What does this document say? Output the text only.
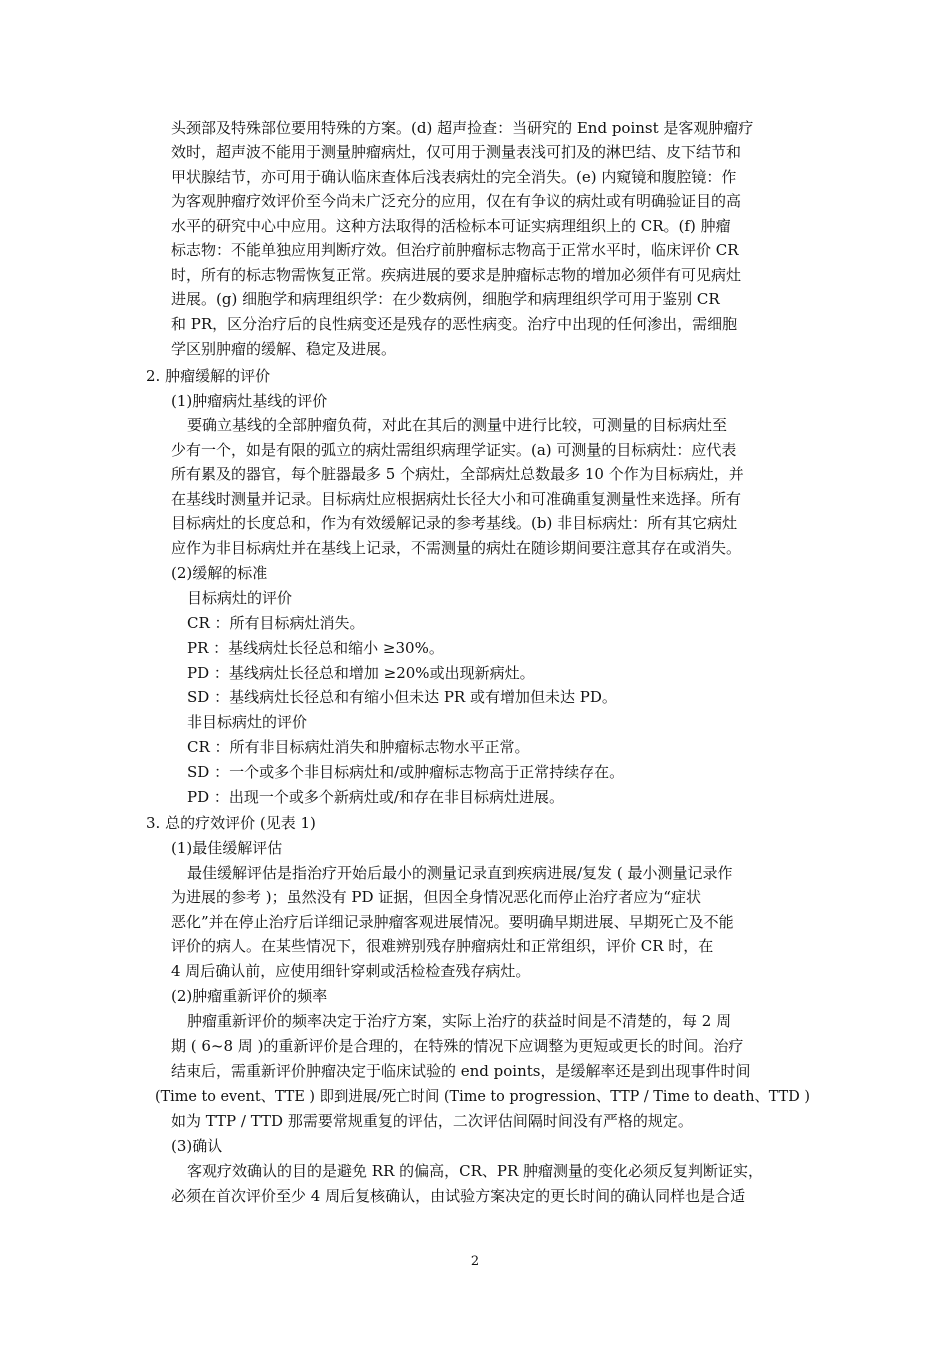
头颈部及特殊部位要用特殊的方案。(d) 超声捡查：当研究的 End poinst 是客观肿瘤疗
效时，超声波不能用于测量肿瘤病灶，仅可用于测量表浅可扪及的淋巴结、皮下结节和
甲状腺结节，亦可用于确认临床查体后浅表病灶的完全消失。(e) 内窥镜和腹腔镜：作
为客观肿瘤疗效评价至今尚未广泛充分的应用，仅在有争议的病灶或有明确验证目的高
水平的研究中心中应用。这种方法取得的活检标本可证实病理组织上的 CR。(f) 肿瘤
标志物：不能单独应用判断疗效。但治疗前肿瘤标志物高于正常水平时，临床评价 CR
时，所有的标志物需恢复正常。疾病进展的要求是肿瘤标志物的增加必须伴有可见病灶
进展。(g) 细胞学和病理组织学：在少数病例，细胞学和病理组织学可用于鉴别 CR
和 PR，区分治疗后的良性病变还是残存的恶性病变。治疗中出现的任何渗出，需细胞
学区别肿瘤的缓解、稳定及进展。
2. 肿瘤缓解的评价
(1)肿瘤病灶基线的评价
要确立基线的全部肿瘤负荷，对此在其后的测量中进行比较，可测量的目标病灶至
少有一个，如是有限的弧立的病灶需组织病理学证实。(a) 可测量的目标病灶：应代表
所有累及的器官，每个脏器最多 5 个病灶，全部病灶总数最多 10 个作为目标病灶，并
在基线时测量并记录。目标病灶应根据病灶长径大小和可准确重复测量性来选择。所有
目标病灶的长度总和，作为有效缓解记录的参考基线。(b) 非目标病灶：所有其它病灶
应作为非目标病灶并在基线上记录，不需测量的病灶在随诊期间要注意其存在或消失。
(2)缓解的标准
目标病灶的评价
CR ：所有目标病灶消失。
PR ：基线病灶长径总和缩小 ≥30%。
PD ：基线病灶长径总和增加 ≥20%或出现新病灶。
SD ：基线病灶长径总和有缩小但未达 PR 或有增加但未达 PD。
非目标病灶的评价
CR ：所有非目标病灶消失和肿瘤标志物水平正常。
SD ：一个或多个非目标病灶和/或肿瘤标志物高于正常持续存在。
PD ：出现一个或多个新病灶或/和存在非目标病灶进展。
3. 总的疗效评价 (见表 1)
(1)最佳缓解评估
最佳缓解评估是指治疗开始后最小的测量记录直到疾病进展/复发 ( 最小测量记录作
为进展的参考 )；虽然没有 PD 证据，但因全身情况恶化而停止治疗者应为“症状
恶化”并在停止治疗后详细记录肿瘤客观进展情况。要明确早期进展、早期死亡及不能
评价的病人。在某些情况下，很难辨别残存肿瘤病灶和正常组织，评价 CR 时，在
4 周后确认前，应使用细针穿刺或活检检查残存病灶。
(2)肿瘤重新评价的频率
肿瘤重新评价的频率决定于治疗方案，实际上治疗的获益时间是不清楚的，每 2 周
期 ( 6~8 周 )的重新评价是合理的，在特殊的情况下应调整为更短或更长的时间。治疗
结束后，需重新评价肿瘤决定于临床试验的 end points，是缓解率还是到出现事件时间
(Time to event、TTE ) 即到进展/死亡时间 (Time to progression、TTP / Time to death、TTD )
如为 TTP / TTD 那需要常规重复的评估，二次评估间隔时间没有严格的规定。
(3)确认
客观疗效确认的目的是避免 RR 的偏高，CR、PR 肿瘤测量的变化必须反复判断证实，
必须在首次评价至少 4 周后复核确认，由试验方案决定的更长时间的确认同样也是合适
2
